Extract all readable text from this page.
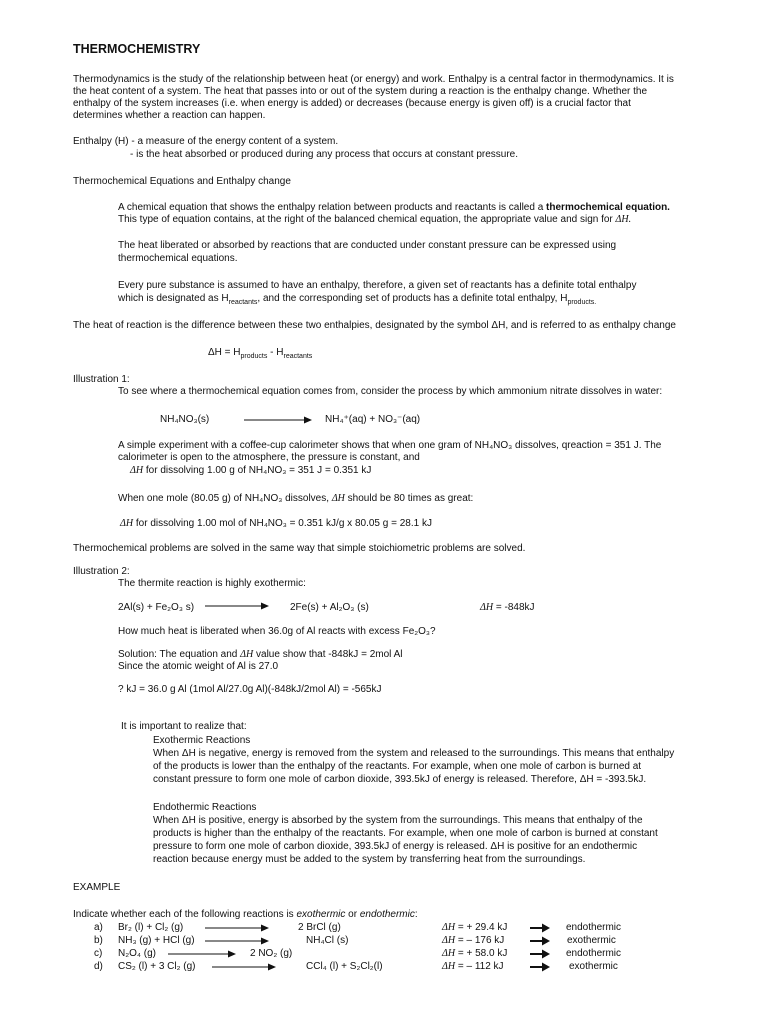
THERMOCHEMISTRY
Thermodynamics is the study of the relationship between heat (or energy) and work. Enthalpy is a central factor in thermodynamics. It is
the heat content of a system. The heat that passes into or out of the system during a reaction is the enthalpy change. Whether the
enthalpy of the system increases (i.e. when energy is added) or decreases (because energy is given off) is a crucial factor that
determines whether a reaction can happen.
Enthalpy (H) - a measure of the energy content of a system.
- is the heat absorbed or produced during any process that occurs at constant pressure.
Thermochemical Equations and Enthalpy change
A chemical equation that shows the enthalpy relation between products and reactants is called a thermochemical equation.
This type of equation contains, at the right of the balanced chemical equation, the appropriate value and sign for ΔH.
The heat liberated or absorbed by reactions that are conducted under constant pressure can be expressed using
thermochemical equations.
Every pure substance is assumed to have an enthalpy, therefore, a given set of reactants has a definite total enthalpy
which is designated as $H_{reactants}$, and the corresponding set of products has a definite total enthalpy, $H_{products.}$
The heat of reaction is the difference between these two enthalpies, designated by the symbol ΔH, and is referred to as enthalpy change
$\Delta H = H_{products} - H_{reactants}$
Illustration 1:
To see where a thermochemical equation comes from, consider the process by which ammonium nitrate dissolves in water:
NH₄NO₃(s)	NH₄⁺(aq) + NO₃⁻(aq)
A simple experiment with a coffee-cup calorimeter shows that when one gram of NH₄NO₃ dissolves, qreaction = 351 J. The
calorimeter is open to the atmosphere, the pressure is constant, and
ΔH for dissolving 1.00 g of NH₄NO₃ = 351 J = 0.351 kJ
When one mole (80.05 g) of NH₄NO₃ dissolves, ΔH should be 80 times as great:
ΔH for dissolving 1.00 mol of NH₄NO₃ = 0.351 kJ/g x 80.05 g = 28.1 kJ
Thermochemical problems are solved in the same way that simple stoichiometric problems are solved.
Illustration 2:
The thermite reaction is highly exothermic:
2Al(s) + Fe₂O₃ s)	2Fe(s) + Al₂O₃ (s)	ΔH = -848kJ
How much heat is liberated when 36.0g of Al reacts with excess Fe₂O₃?
Solution: The equation and ΔH value show that -848kJ = 2mol Al
Since the atomic weight of Al is 27.0
? kJ = 36.0 g Al (1mol Al/27.0g Al)(-848kJ/2mol Al) = -565kJ
It is important to realize that:
Exothermic Reactions
When ΔH is negative, energy is removed from the system and released to the surroundings. This means that enthalpy
of the products is lower than the enthalpy of the reactants. For example, when one mole of carbon is burned at
constant pressure to form one mole of carbon dioxide, 393.5kJ of energy is released. Therefore, ΔH = -393.5kJ.
Endothermic Reactions
When ΔH is positive, energy is absorbed by the system from the surroundings. This means that enthalpy of the
products is higher than the enthalpy of the reactants. For example, when one mole of carbon is burned at constant
pressure to form one mole of carbon dioxide, 393.5kJ of energy is released. ΔH is positive for an endothermic
reaction because energy must be added to the system by transferring heat from the surroundings.
EXAMPLE
Indicate whether each of the following reactions is exothermic or endothermic:
a) Br₂ (l) + Cl₂ (g)	2 BrCl (g)	ΔH = + 29.4 kJ	endothermic
b) NH₃ (g) + HCl (g)	NH₄Cl (s)	ΔH = – 176 kJ	exothermic
c) N₂O₄ (g)	2 NO₂ (g)	ΔH = + 58.0 kJ	endothermic
d) CS₂ (l) + 3 Cl₂ (g)	CCl₄ (l) + S₂Cl₂(l)	ΔH = – 112 kJ	exothermic
